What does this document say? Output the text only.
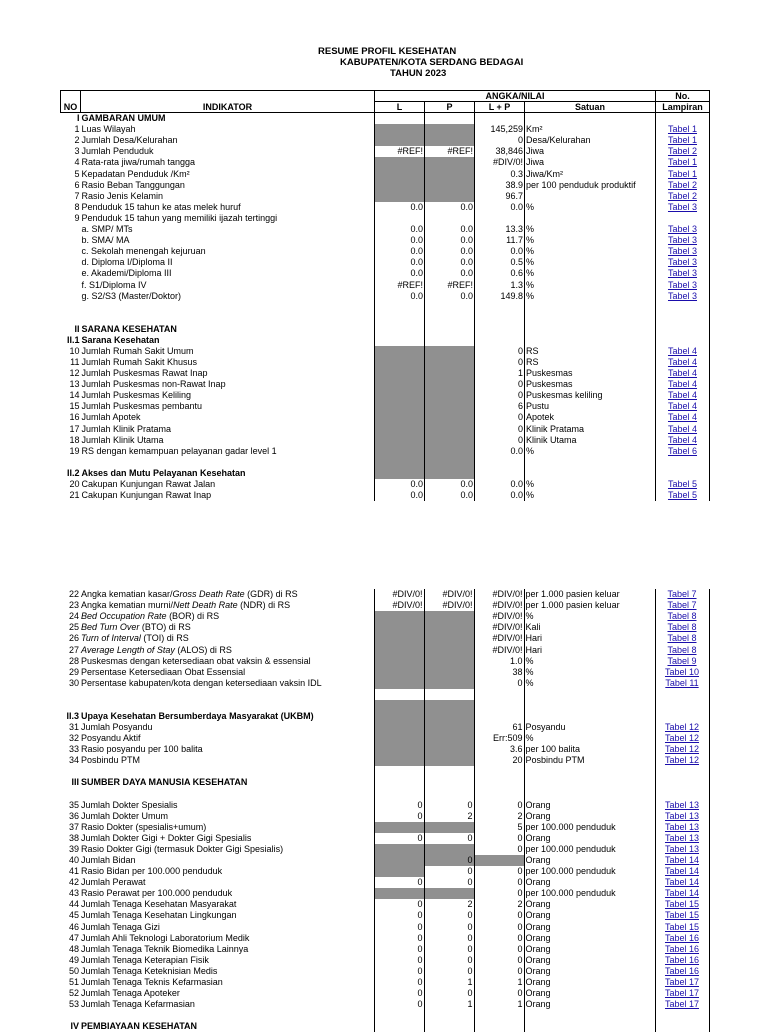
RESUME PROFIL KESEHATAN
KABUPATEN/KOTA SERDANG BEDAGAI
TAHUN 2023
NO	INDIKATOR	ANGKA/NILAI				No.
		L	P	L + P	Satuan	Lampiran
I	GAMBARAN UMUM					
1	Luas Wilayah			145,259	Km²	Tabel 1
2	Jumlah Desa/Kelurahan			0	Desa/Kelurahan	Tabel 1
3	Jumlah Penduduk	#REF!	#REF!	38,846	Jiwa	Tabel 2
4	Rata-rata jiwa/rumah tangga			#DIV/0!	Jiwa	Tabel 1
5	Kepadatan Penduduk /Km²			0.3	Jiwa/Km²	Tabel 1
6	Rasio Beban Tanggungan			38.9	per 100 penduduk produktif	Tabel 2
7	Rasio Jenis Kelamin			96.7		Tabel 2
8	Penduduk 15 tahun ke atas melek huruf	0.0	0.0	0.0	%	Tabel 3
9	Penduduk 15 tahun yang memiliki ijazah tertinggi					
	a. SMP/ MTs	0.0	0.0	13.3	%	Tabel 3
	b. SMA/ MA	0.0	0.0	11.7	%	Tabel 3
	c. Sekolah menengah kejuruan	0.0	0.0	0.0	%	Tabel 3
	d. Diploma I/Diploma II	0.0	0.0	0.5	%	Tabel 3
	e. Akademi/Diploma III	0.0	0.0	0.6	%	Tabel 3
	f. S1/Diploma IV	#REF!	#REF!	1.3	%	Tabel 3
	g. S2/S3 (Master/Doktor)	0.0	0.0	149.8	%	Tabel 3

II	SARANA KESEHATAN					
II.1	Sarana Kesehatan					
10	Jumlah Rumah Sakit Umum			0	RS	Tabel 4
11	Jumlah Rumah Sakit Khusus			0	RS	Tabel 4
12	Jumlah Puskesmas Rawat Inap			1	Puskesmas	Tabel 4
13	Jumlah Puskesmas non-Rawat Inap			0	Puskesmas	Tabel 4
14	Jumlah Puskesmas Keliling			0	Puskesmas keliling	Tabel 4
15	Jumlah Puskesmas pembantu			6	Pustu	Tabel 4
16	Jumlah Apotek			0	Apotek	Tabel 4
17	Jumlah Klinik Pratama			0	Klinik Pratama	Tabel 4
18	Jumlah Klinik Utama			0	Klinik Utama	Tabel 4
19	RS dengan kemampuan pelayanan gadar level 1			0.0	%	Tabel 6

II.2	Akses dan Mutu Pelayanan Kesehatan					
20	Cakupan Kunjungan Rawat Jalan	0.0	0.0	0.0	%	Tabel 5
21	Cakupan Kunjungan Rawat Inap	0.0	0.0	0.0	%	Tabel 5
22	Angka kematian kasar/Gross Death Rate (GDR) di RS	#DIV/0!	#DIV/0!	#DIV/0!	per 1.000 pasien keluar	Tabel 7
23	Angka kematian murni/Nett Death Rate (NDR) di RS	#DIV/0!	#DIV/0!	#DIV/0!	per 1.000 pasien keluar	Tabel 7
24	Bed Occupation Rate (BOR) di RS			#DIV/0!	%	Tabel 8
25	Bed Turn Over (BTO) di RS			#DIV/0!	Kali	Tabel 8
26	Turn of Interval (TOI) di RS			#DIV/0!	Hari	Tabel 8
27	Average Length of Stay (ALOS) di RS			#DIV/0!	Hari	Tabel 8
28	Puskesmas dengan ketersediaan obat vaksin & essensial			1.0	%	Tabel 9
29	Persentase Ketersediaan Obat Essensial			38	%	Tabel 10
30	Persentase kabupaten/kota dengan ketersediaan vaksin IDL			0	%	Tabel 11

II.3	Upaya Kesehatan Bersumberdaya Masyarakat (UKBM)					
31	Jumlah Posyandu			61	Posyandu	Tabel 12
32	Posyandu Aktif			Err:509	%	Tabel 12
33	Rasio posyandu per 100 balita			3.6	per 100 balita	Tabel 12
34	Posbindu PTM			20	Posbindu PTM	Tabel 12

III	SUMBER DAYA MANUSIA KESEHATAN					

35	Jumlah Dokter Spesialis	0	0	0	Orang	Tabel 13
36	Jumlah Dokter Umum	0	2	2	Orang	Tabel 13
37	Rasio Dokter (spesialis+umum)			5	per 100.000 penduduk	Tabel 13
38	Jumlah Dokter Gigi + Dokter Gigi Spesialis	0	0	0	Orang	Tabel 13
39	Rasio Dokter Gigi (termasuk Dokter Gigi Spesialis)			0	per 100.000 penduduk	Tabel 13
40	Jumlah Bidan		0		Orang	Tabel 14
41	Rasio Bidan per 100.000 penduduk		0	0	per 100.000 penduduk	Tabel 14
42	Jumlah Perawat	0	0	0	Orang	Tabel 14
43	Rasio Perawat per 100.000 penduduk			0	per 100.000 penduduk	Tabel 14
44	Jumlah Tenaga Kesehatan Masyarakat	0	2	2	Orang	Tabel 15
45	Jumlah Tenaga Kesehatan Lingkungan	0	0	0	Orang	Tabel 15
46	Jumlah Tenaga Gizi	0	0	0	Orang	Tabel 15
47	Jumlah Ahli Teknologi Laboratorium Medik	0	0	0	Orang	Tabel 16
48	Jumlah Tenaga Teknik Biomedika Lainnya	0	0	0	Orang	Tabel 16
49	Jumlah Tenaga Keterapian Fisik	0	0	0	Orang	Tabel 16
50	Jumlah Tenaga Keteknisian Medis	0	0	0	Orang	Tabel 16
51	Jumlah Tenaga Teknis Kefarmasian	0	1	1	Orang	Tabel 17
52	Jumlah Tenaga Apoteker	0	0	0	Orang	Tabel 17
53	Jumlah Tenaga Kefarmasian	0	1	1	Orang	Tabel 17

IV	PEMBIAYAAN KESEHATAN					
